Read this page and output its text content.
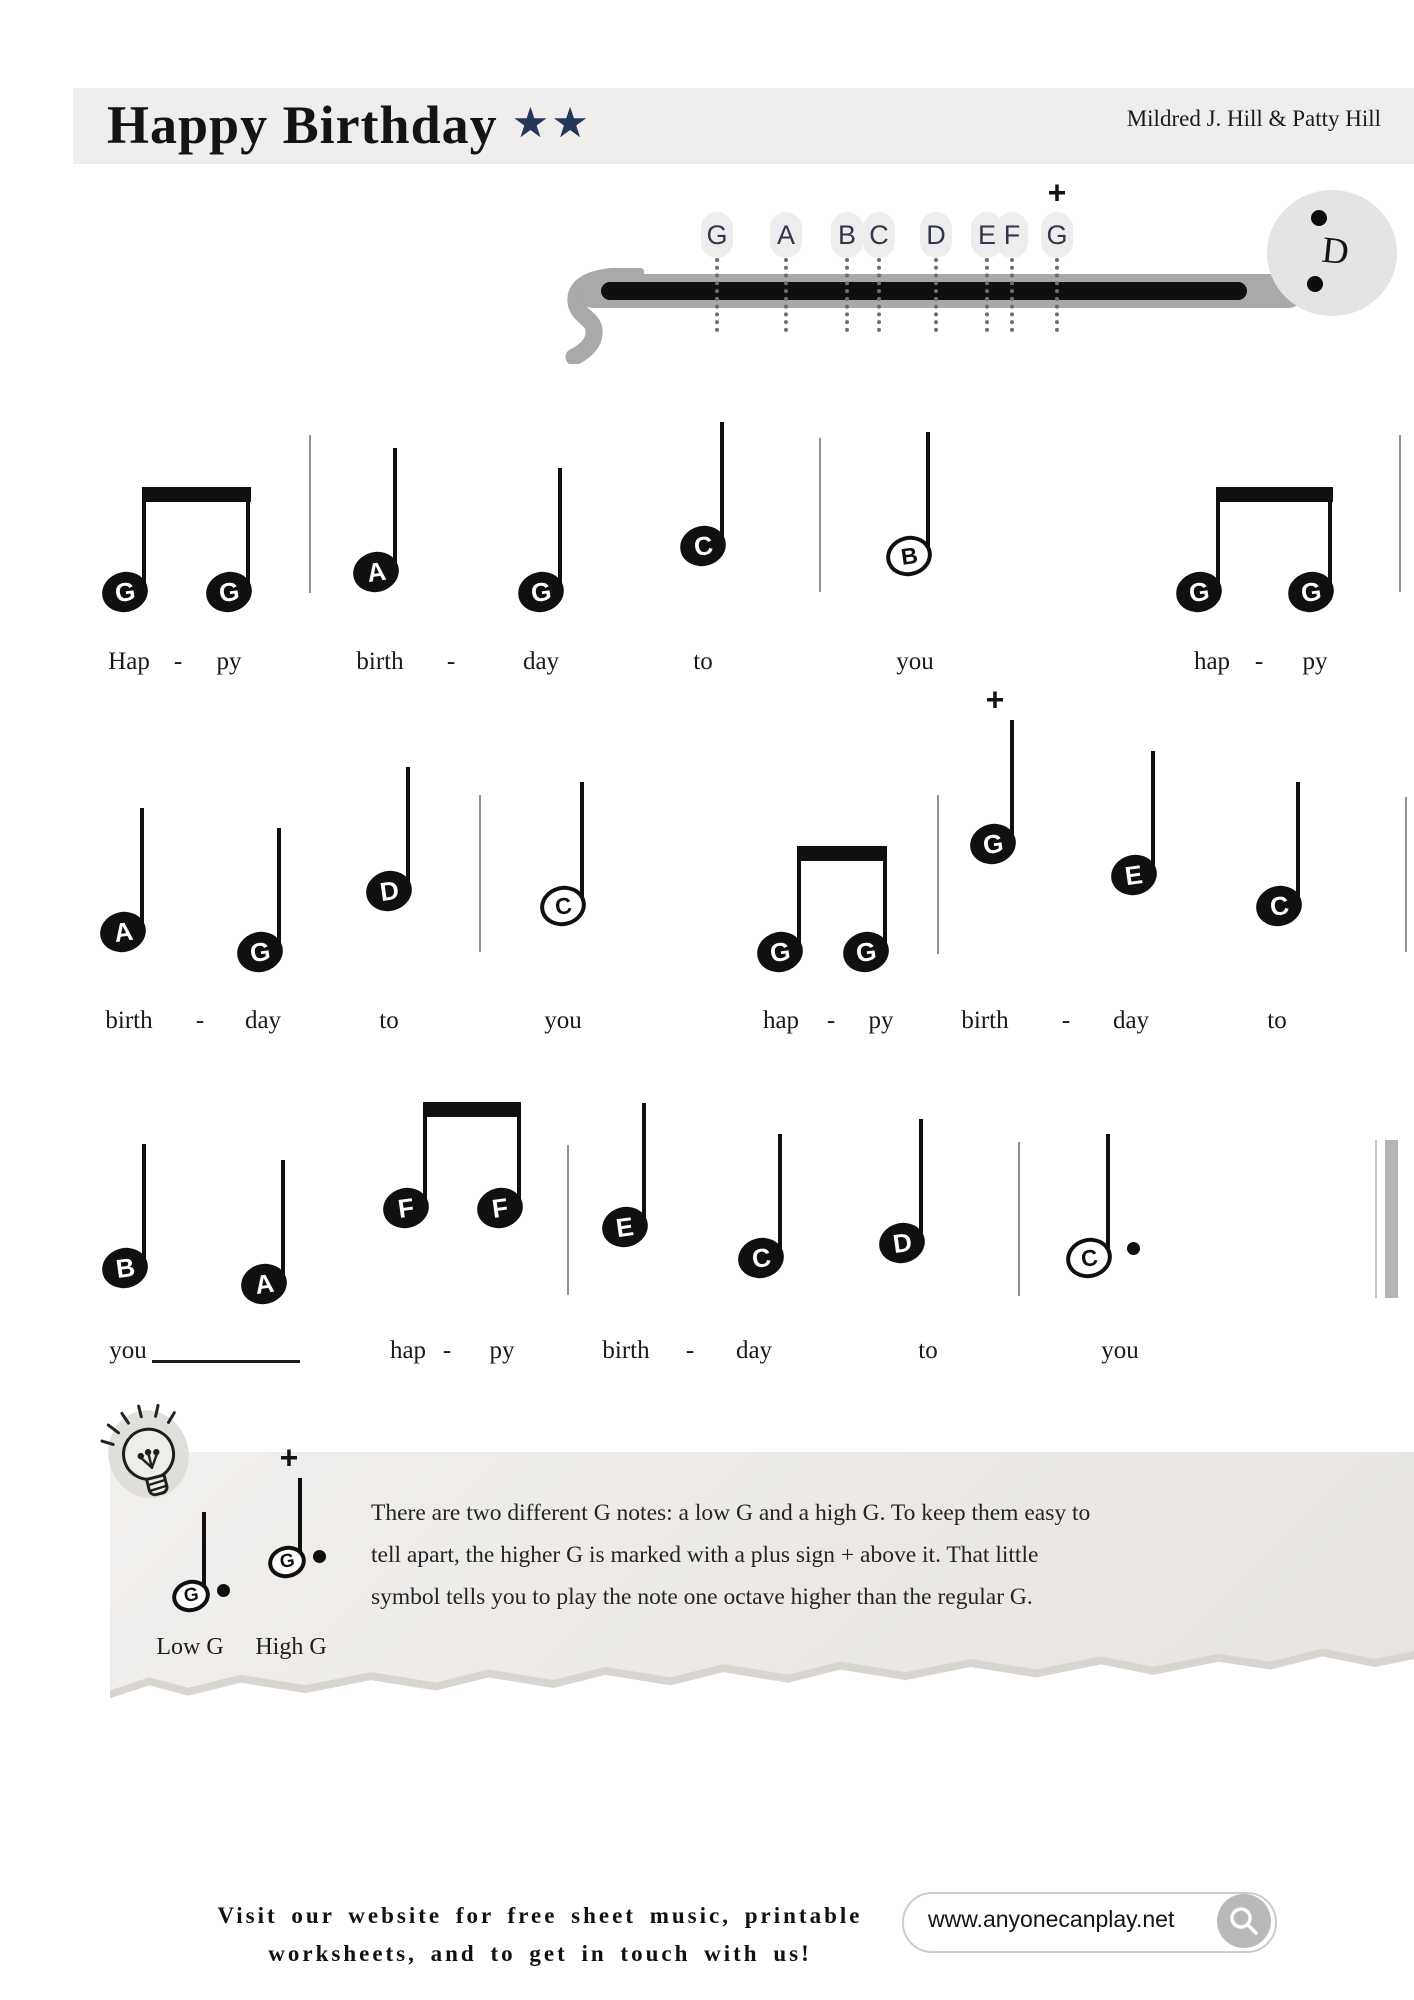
Happy Birthday ★★	Mildred J. Hill & Patty Hill
D
There are two different G notes: a low G and a high G. To keep them easy to
tell apart, the higher G is marked with a plus sign + above it. That little
symbol tells you to play the note one octave higher than the regular G.
Visit our website for free sheet music, printable
worksheets, and to get in touch with us!
www.anyonecanplay.net
G A B C D E F G
+
G	G
A
G
C	B
G	G
Hap - py	birth -	day	to	you	hap - py
A
G
D	C
G G
G
+
E
C
birth - day	to	you	hap - py	birth - day	to
B	A
F	F
E
C	D	C
you	hap - py	birth - day	to	you
G
Low G
G
+
High G
